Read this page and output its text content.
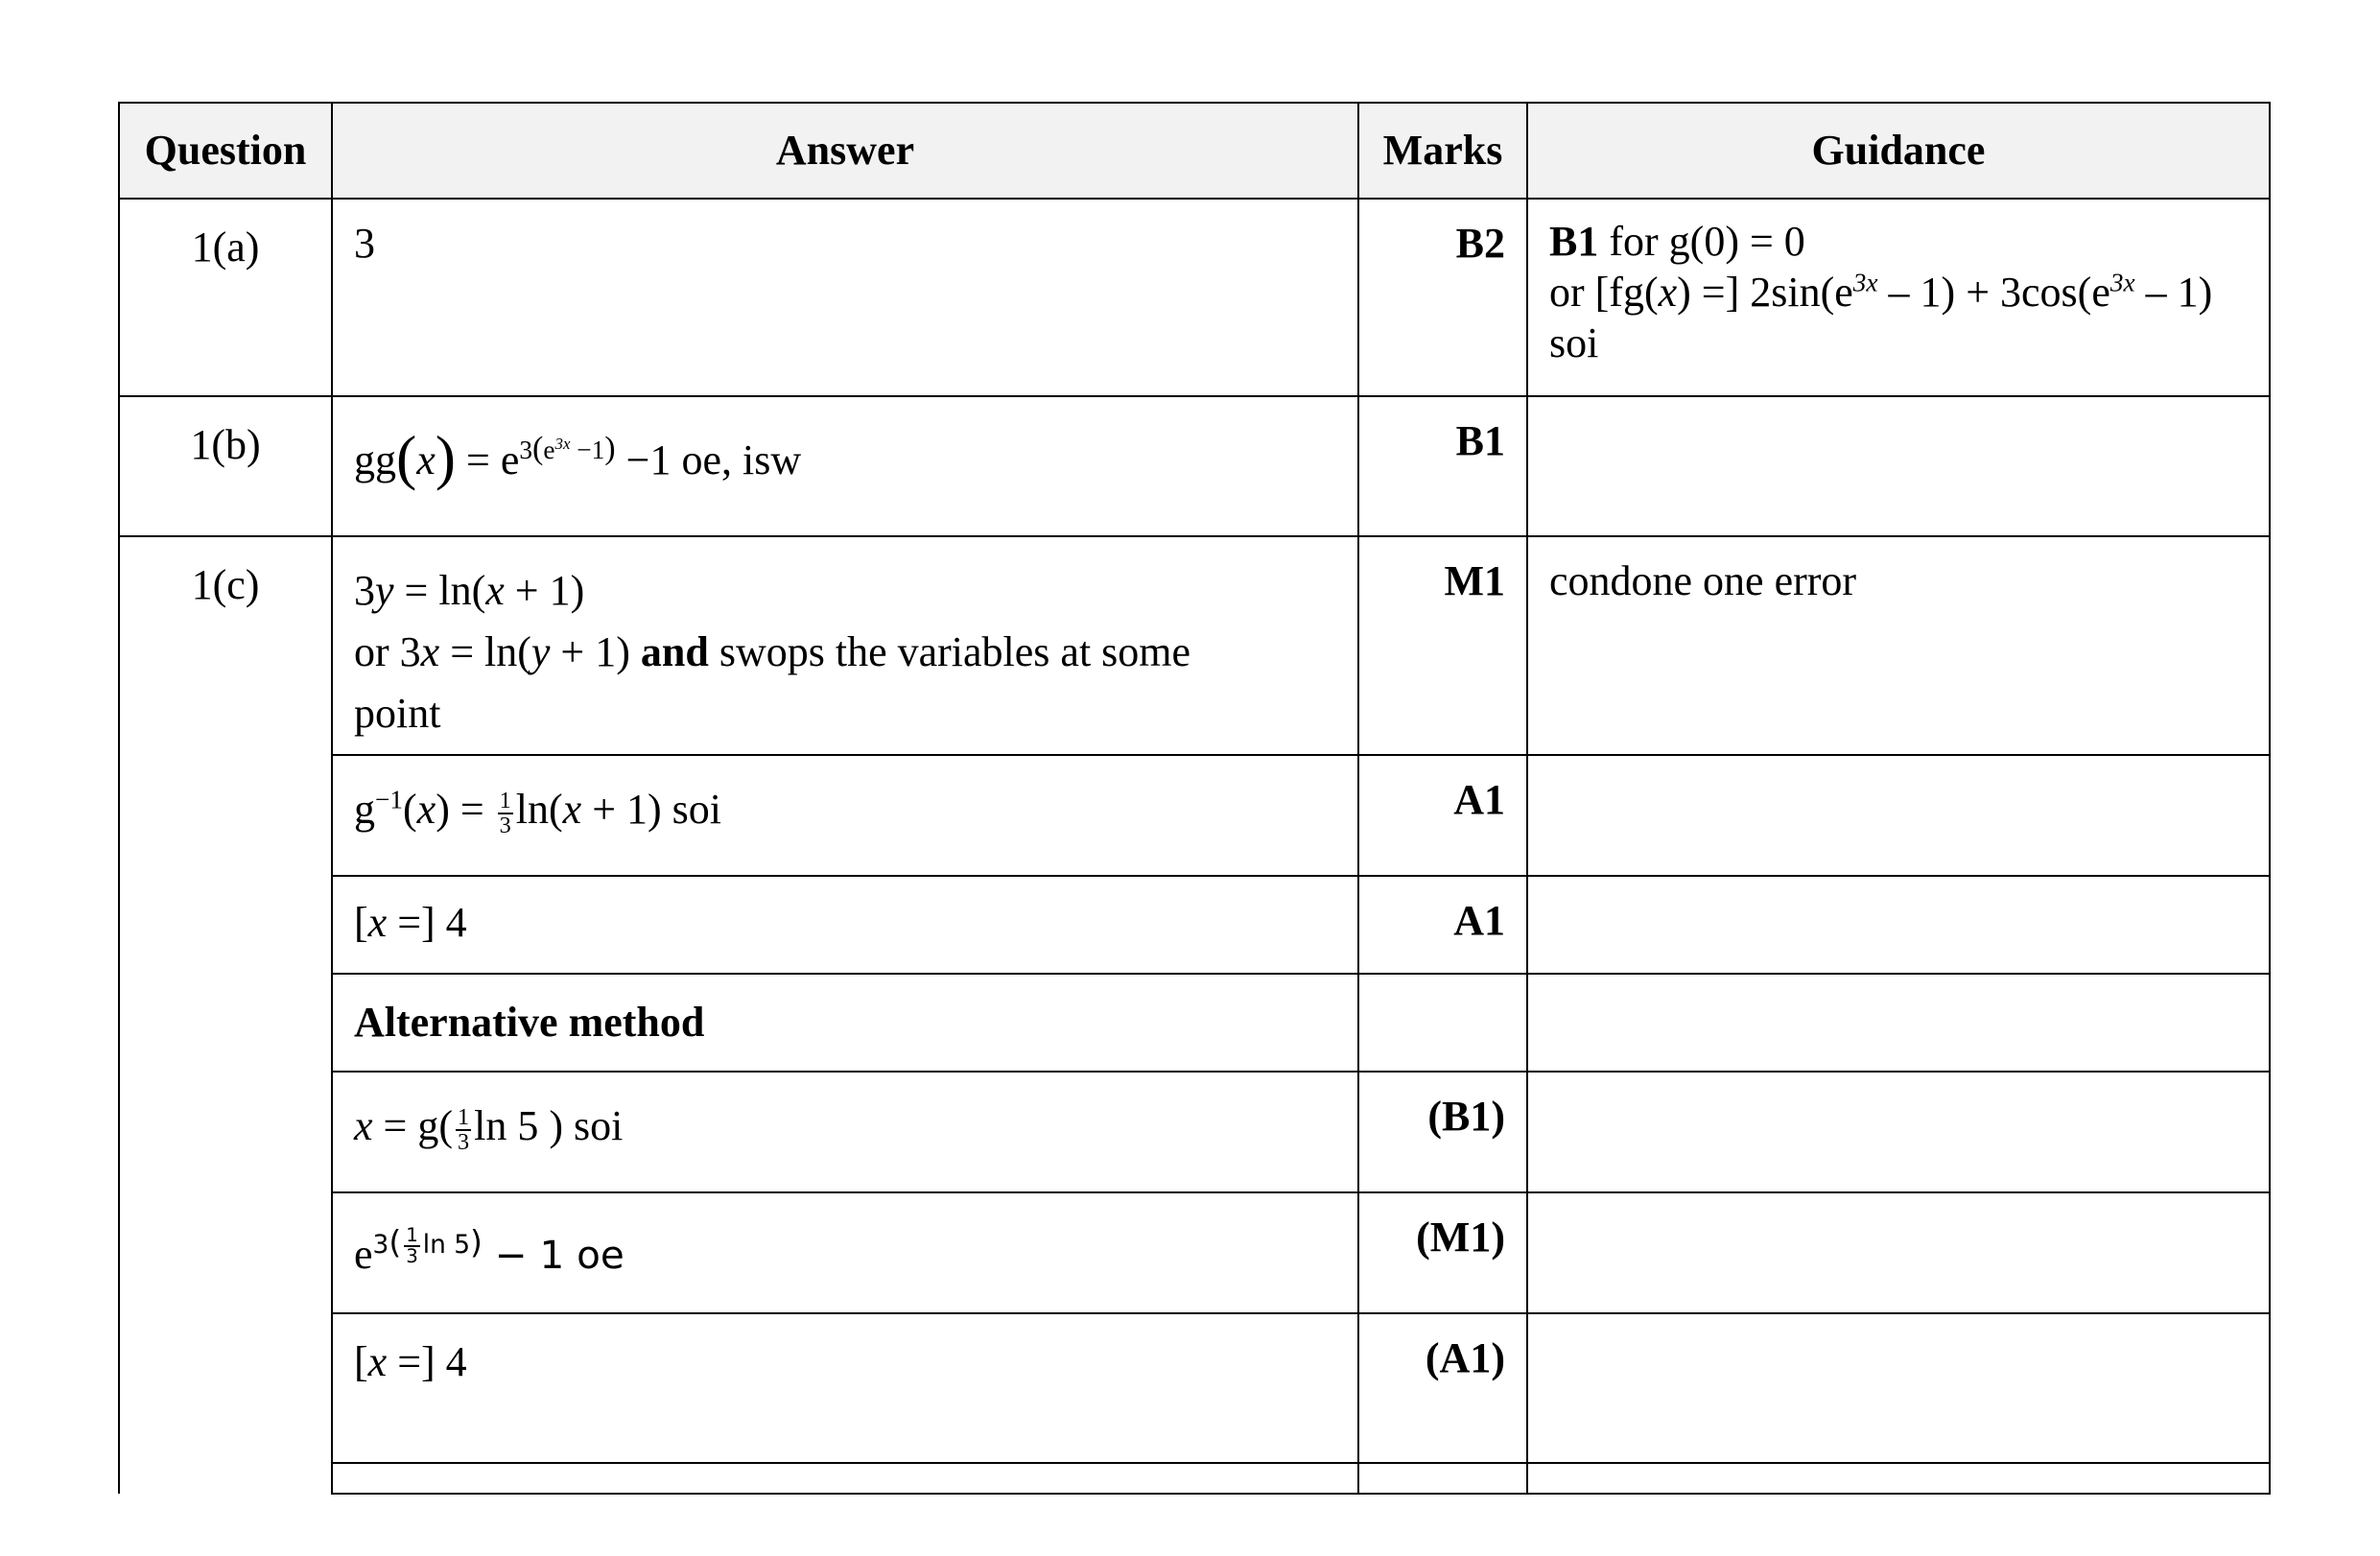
Question	Answer	Marks	Guidance	
1(a)	3	B2	B1 for g(0) = 0
or [fg(x) =] $2\sin(e^{3x} - 1) + 3\cos(e^{3x} - 1)$
soi	
1(b)	$gg(x) = e^{3(e^{3x} -1)} -1$ oe, isw	B1		
1(c)	3y = ln(x + 1)
or 3x = ln(y + 1) and swops the variables at some
point	M1	condone one error	
	$g^{-1}(x) = \frac{1}{3} \ln(x + 1)$ soi	A1		
	[x =] 4	A1		
	Alternative method			
	$x = g( \frac{1}{3}$ ln 5 ) soi	(B1)		
	$e^{3( \frac{1}{3} ln 5)} - 1$ oe	(M1)		
	[x =] 4	(A1)		
